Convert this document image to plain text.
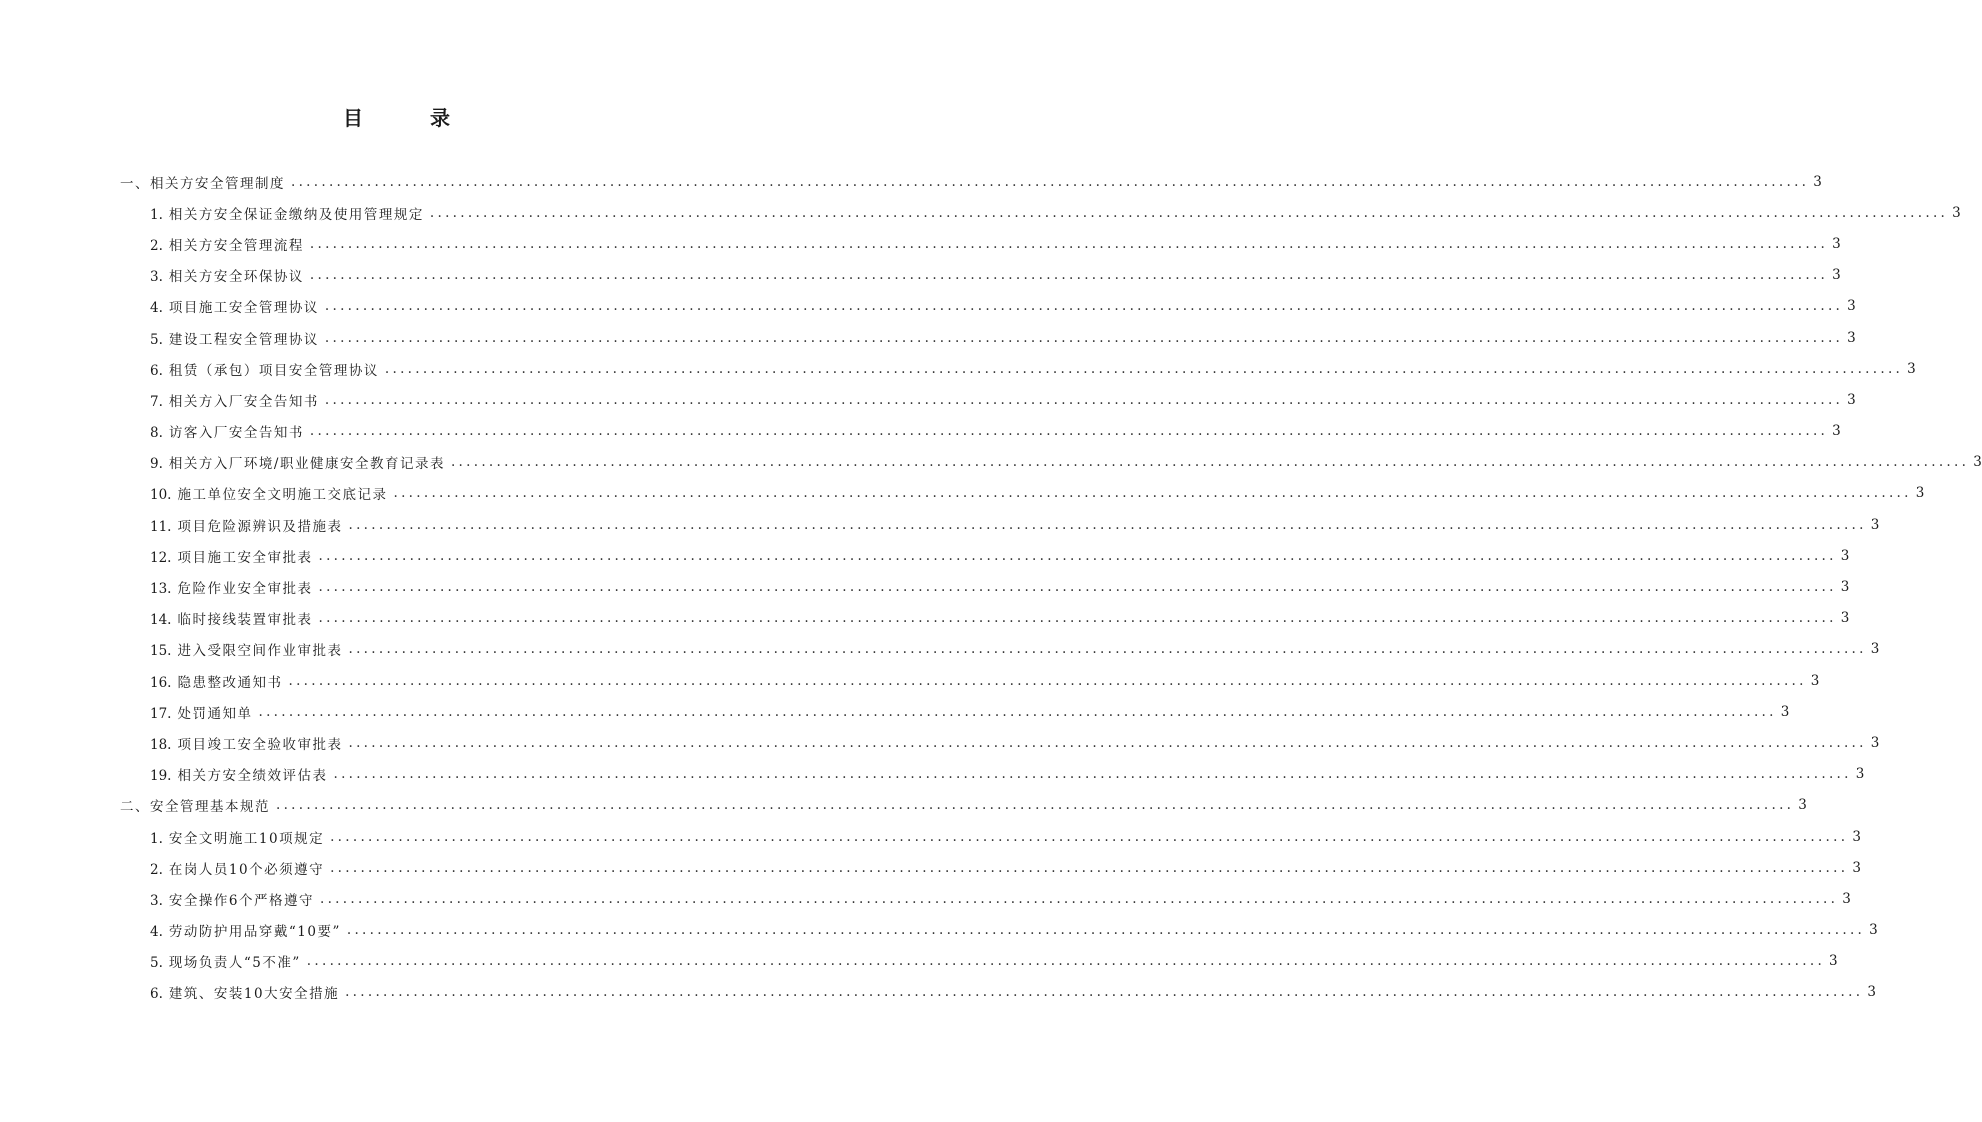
目 录
一、相关方安全管理制度 ........................................................................................................................................................................................................ 3
1. 相关方安全保证金缴纳及使用管理规定 ........................................................................................................................................................................................................ 3
2. 相关方安全管理流程 ........................................................................................................................................................................................................ 3
3. 相关方安全环保协议 ........................................................................................................................................................................................................ 3
4. 项目施工安全管理协议 ........................................................................................................................................................................................................ 3
5. 建设工程安全管理协议 ........................................................................................................................................................................................................ 3
6. 租赁（承包）项目安全管理协议 ........................................................................................................................................................................................................ 3
7. 相关方入厂安全告知书 ........................................................................................................................................................................................................ 3
8. 访客入厂安全告知书 ........................................................................................................................................................................................................ 3
9. 相关方入厂环境/职业健康安全教育记录表 ........................................................................................................................................................................................................ 3
10. 施工单位安全文明施工交底记录 ........................................................................................................................................................................................................ 3
11. 项目危险源辨识及措施表 ........................................................................................................................................................................................................ 3
12. 项目施工安全审批表 ........................................................................................................................................................................................................ 3
13. 危险作业安全审批表 ........................................................................................................................................................................................................ 3
14. 临时接线装置审批表 ........................................................................................................................................................................................................ 3
15. 进入受限空间作业审批表 ........................................................................................................................................................................................................ 3
16. 隐患整改通知书 ........................................................................................................................................................................................................ 3
17. 处罚通知单 ........................................................................................................................................................................................................ 3
18. 项目竣工安全验收审批表 ........................................................................................................................................................................................................ 3
19. 相关方安全绩效评估表 ........................................................................................................................................................................................................ 3
二、安全管理基本规范 ........................................................................................................................................................................................................ 3
1. 安全文明施工10项规定 ........................................................................................................................................................................................................ 3
2. 在岗人员10个必须遵守 ........................................................................................................................................................................................................ 3
3. 安全操作6个严格遵守 ........................................................................................................................................................................................................ 3
4. 劳动防护用品穿戴“10要” ........................................................................................................................................................................................................ 3
5. 现场负责人“5不准” ........................................................................................................................................................................................................ 3
6. 建筑、安装10大安全措施 ........................................................................................................................................................................................................ 3
